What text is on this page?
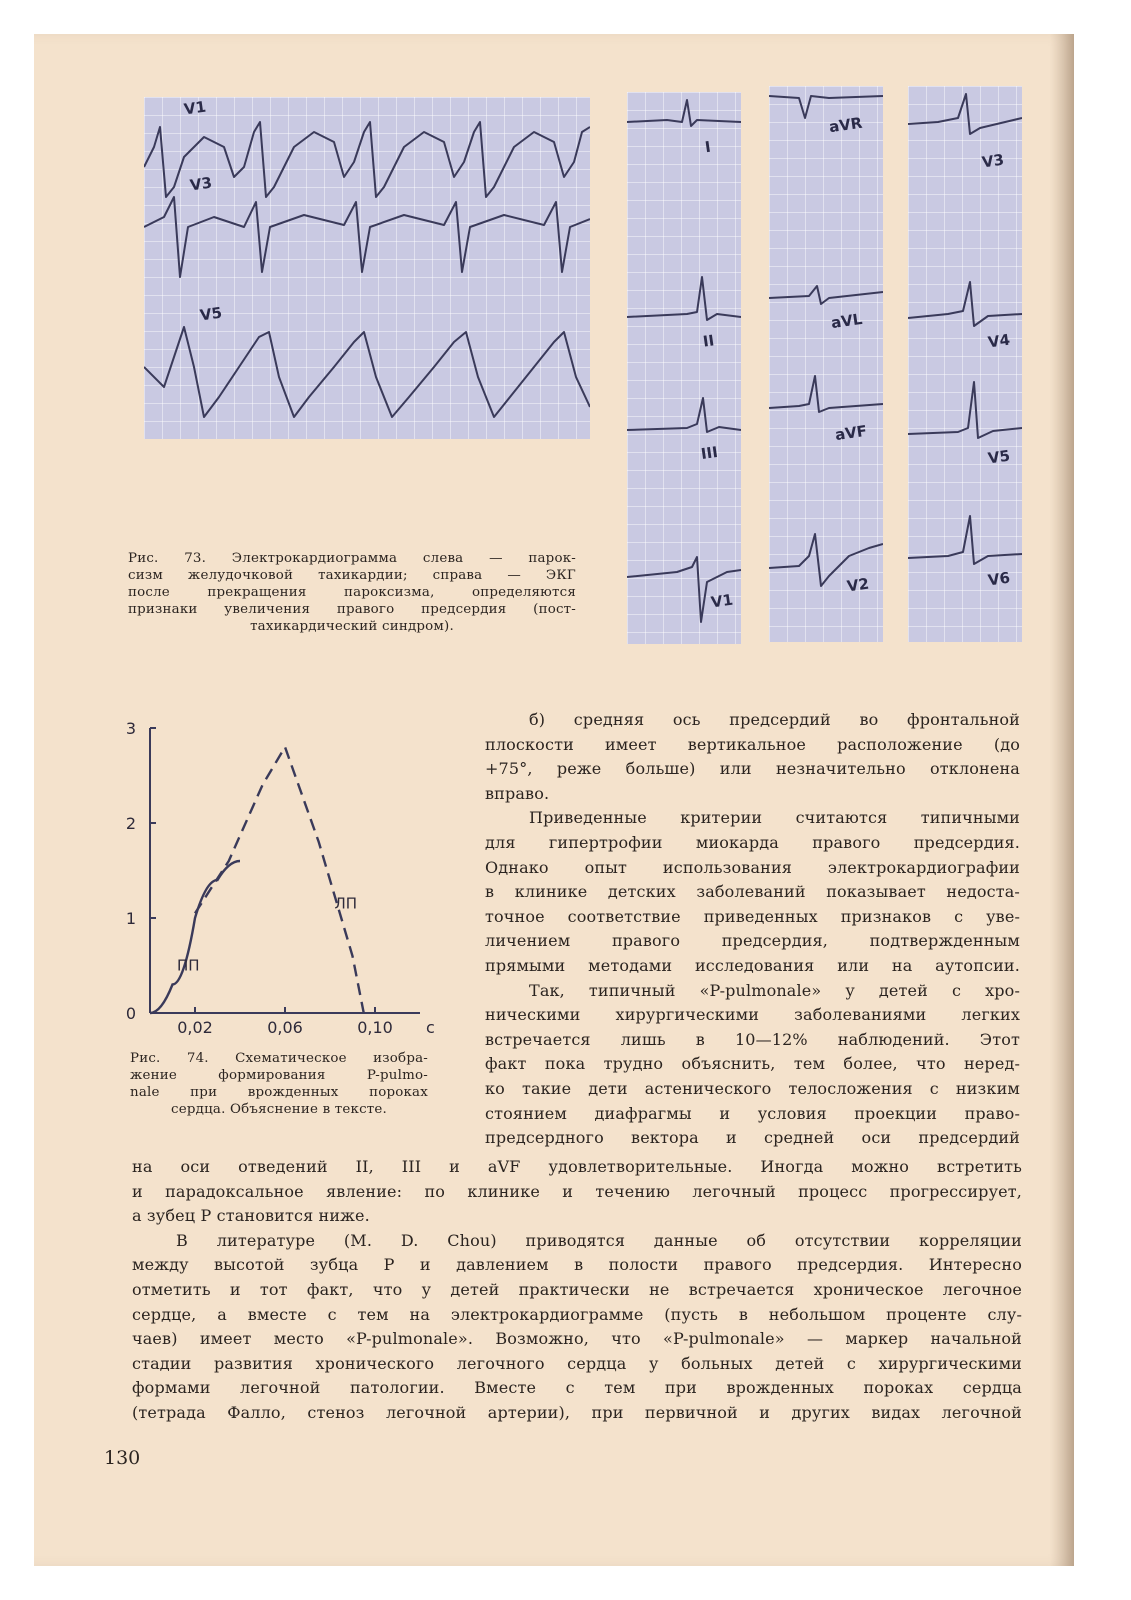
V1
V3
V5
I
II
III
V1
aVR
aVL
aVF
V2
V3
V4
V5
V6
Рис. 73. Электрокардиограмма слева — парок-
сизм желудочковой тахикардии; справа — ЭКГ
после прекращения пароксизма, определяются
признаки увеличения правого предсердия (пост-
тахикардический синдром).
0
1
2
3
0,02	0,06	0,10 с
ПП
ЛП
Рис. 74. Схематическое изобра-
жение формирования P-pulmo-
nale при врожденных пороках
сердца. Объяснение в тексте.
б) средняя ось предсердий во фронтальной
плоскости имеет вертикальное расположение (до
+75°, реже больше) или незначительно отклонена
вправо.
Приведенные критерии считаются типичными
для гипертрофии миокарда правого предсердия.
Однако опыт использования электрокардиографии
в клинике детских заболеваний показывает недоста-
точное соответствие приведенных признаков с уве-
личением правого предсердия, подтвержденным
прямыми методами исследования или на аутопсии.
Так, типичный «P-pulmonale» у детей с хро-
ническими хирургическими заболеваниями легких
встречается лишь в 10—12% наблюдений. Этот
факт пока трудно объяснить, тем более, что неред-
ко такие дети астенического телосложения с низким
стоянием диафрагмы и условия проекции право-
предсердного вектора и средней оси предсердий
на оси отведений II, III и aVF удовлетворительные. Иногда можно встретить
и парадоксальное явление: по клинике и течению легочный процесс прогрессирует,
а зубец P становится ниже.
В литературе (M. D. Chou) приводятся данные об отсутствии корреляции
между высотой зубца P и давлением в полости правого предсердия. Интересно
отметить и тот факт, что у детей практически не встречается хроническое легочное
сердце, а вместе с тем на электрокардиограмме (пусть в небольшом проценте слу-
чаев) имеет место «P-pulmonale». Возможно, что «P-pulmonale» — маркер начальной
стадии развития хронического легочного сердца у больных детей с хирургическими
формами легочной патологии. Вместе с тем при врожденных пороках сердца
(тетрада Фалло, стеноз легочной артерии), при первичной и других видах легочной
130
